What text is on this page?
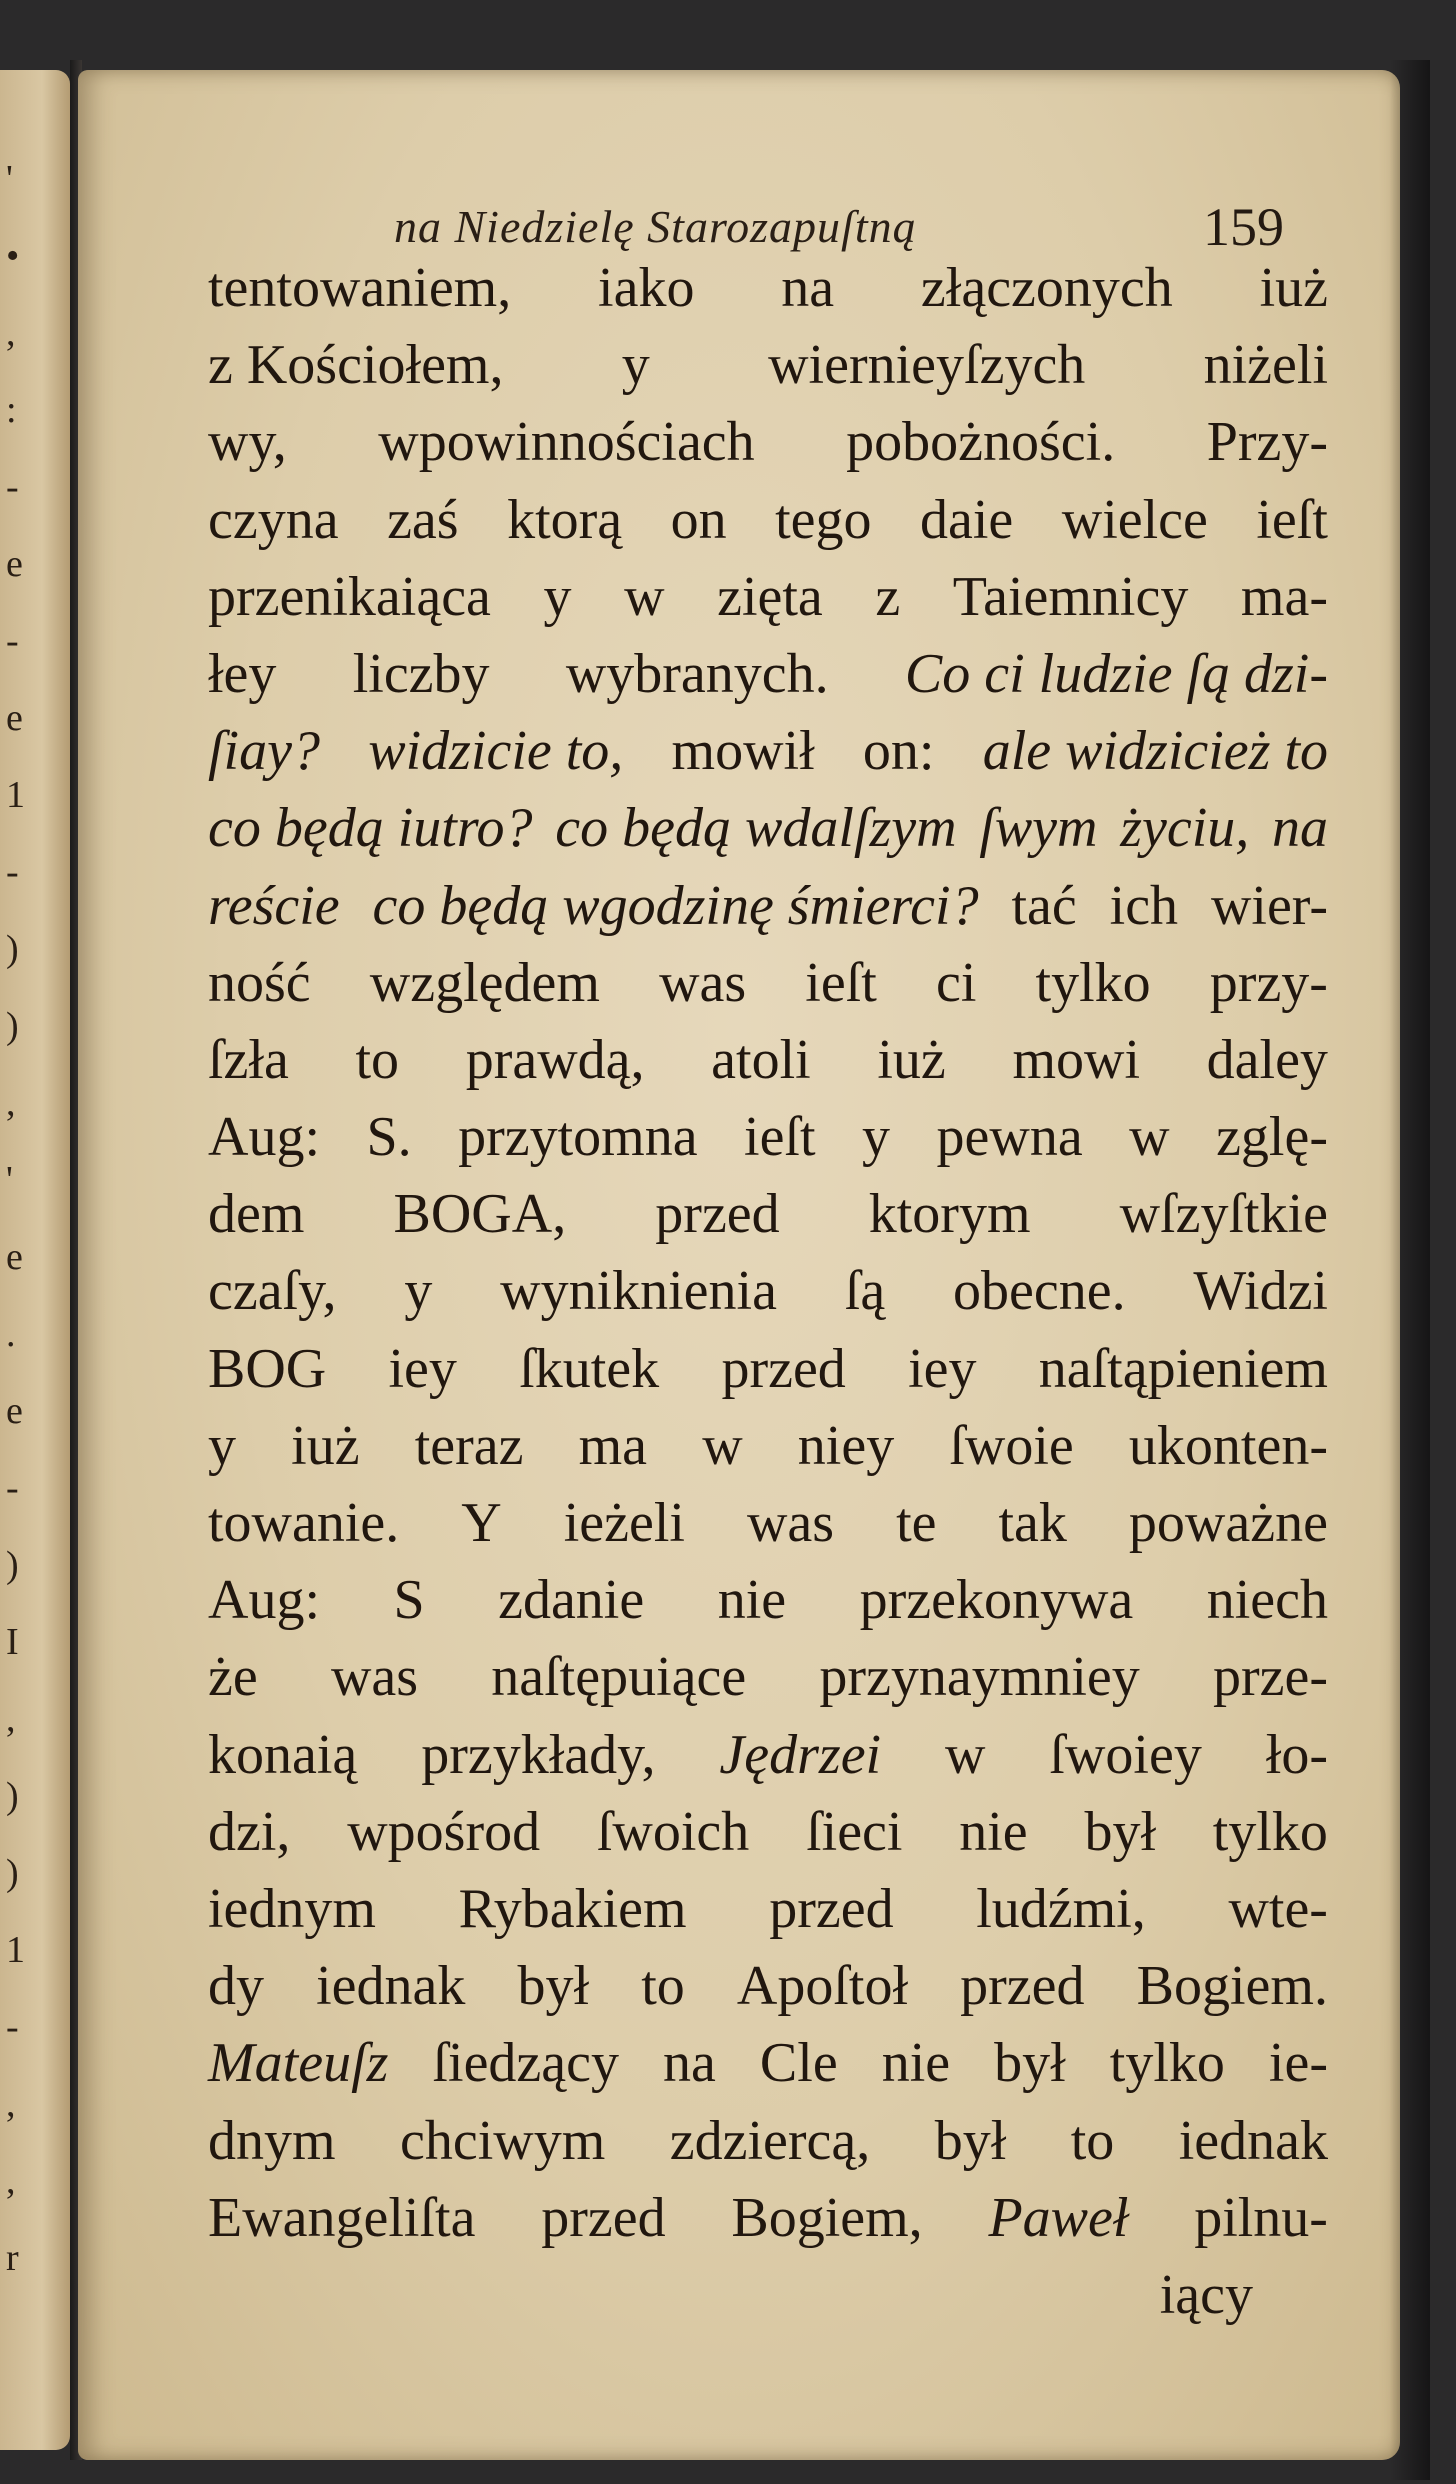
'
•
,
:
-
e
-
e
1
-
)
)
,
'
e
.
e
-
)
I
,
)
)
1
-
,
,
r
na Niedzielę Starozapuſtną	159
tentowaniem, iako na złączonych iuż
z Kościołem, y wiernieyſzych niżeli
wy, wpowinnościach pobożności. Przy-
czyna zaś ktorą on tego daie wielce ieſt
przenikaiąca y w zięta z Taiemnicy ma-
łey liczby wybranych. Co ci ludzie ſą dzi-
ſiay? widzicie to, mowił on: ale widzicież to
co będą iutro? co będą wdalſzym ſwym życiu, na
reście co będą wgodzinę śmierci? tać ich wier-
ność względem was ieſt ci tylko przy-
ſzła to prawdą, atoli iuż mowi daley
Aug: S. przytomna ieſt y pewna w zglę-
dem BOGA, przed ktorym wſzyſtkie
czaſy, y wyniknienia ſą obecne. Widzi
BOG iey ſkutek przed iey naſtąpieniem
y iuż teraz ma w niey ſwoie ukonten-
towanie. Y ieżeli was te tak poważne
Aug: S zdanie nie przekonywa niech
że was naſtępuiące przynaymniey prze-
konaią przykłady, Jędrzei w ſwoiey ło-
dzi, wpośrod ſwoich ſieci nie był tylko
iednym Rybakiem przed ludźmi, wte-
dy iednak był to Apoſtoł przed Bogiem.
Mateuſz ſiedzący na Cle nie był tylko ie-
dnym chciwym zdziercą, był to iednak
Ewangeliſta przed Bogiem, Paweł pilnu-
iący
